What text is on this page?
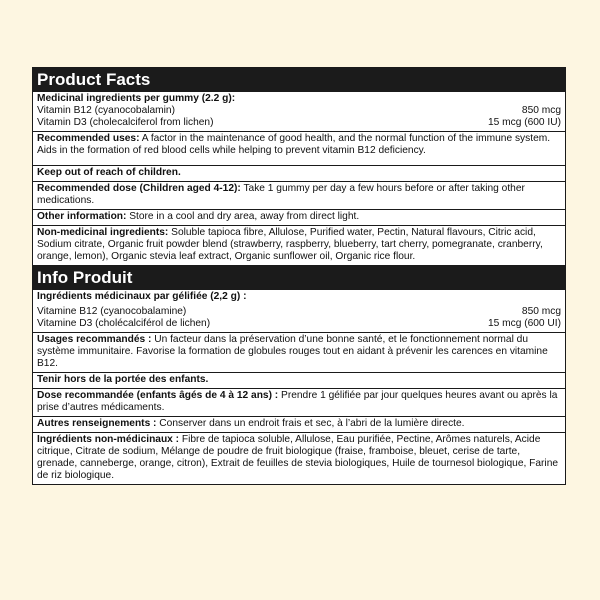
Product Facts
Medicinal ingredients per gummy (2.2 g):
Vitamin B12 (cyanocobalamin)	850 mcg
Vitamin D3 (cholecalciferol from lichen)	15 mcg (600 IU)
Recommended uses: A factor in the maintenance of good health, and the normal function of the immune system. Aids in the formation of red blood cells while helping to prevent vitamin B12 deficiency.
Keep out of reach of children.
Recommended dose (Children aged 4-12): Take 1 gummy per day a few hours before or after taking other medications.
Other information: Store in a cool and dry area, away from direct light.
Non-medicinal ingredients: Soluble tapioca fibre, Allulose, Purified water, Pectin, Natural flavours, Citric acid, Sodium citrate, Organic fruit powder blend (strawberry, raspberry, blueberry, tart cherry, pomegranate, cranberry, orange, lemon), Organic stevia leaf extract, Organic sunflower oil, Organic rice flour.
Info Produit
Ingrédients médicinaux par gélifiée (2,2 g) :
Vitamine B12 (cyanocobalamine)	850 mcg
Vitamine D3 (cholécalciférol de lichen)	15 mcg (600 UI)
Usages recommandés : Un facteur dans la préservation d’une bonne santé, et le fonctionnement normal du système immunitaire. Favorise la formation de globules rouges tout en aidant à prévenir les carences en vitamine B12.
Tenir hors de la portée des enfants.
Dose recommandée (enfants âgés de 4 à 12 ans) : Prendre 1 gélifiée par jour quelques heures avant ou après la prise d’autres médicaments.
Autres renseignements : Conserver dans un endroit frais et sec, à l’abri de la lumière directe.
Ingrédients non-médicinaux : Fibre de tapioca soluble, Allulose, Eau purifiée, Pectine, Arômes naturels, Acide citrique, Citrate de sodium, Mélange de poudre de fruit biologique (fraise, framboise, bleuet, cerise de tarte, grenade, canneberge, orange, citron), Extrait de feuilles de stevia biologiques, Huile de tournesol biologique, Farine de riz biologique.
